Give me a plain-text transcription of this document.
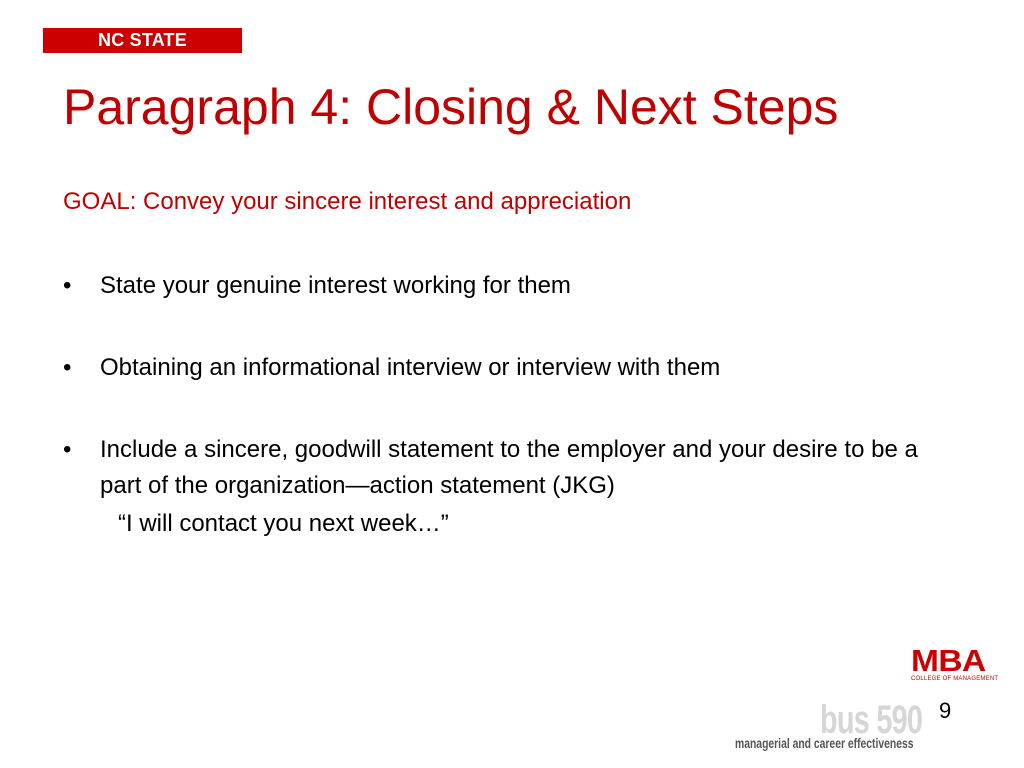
NC STATE UNIVERSITY
Paragraph 4: Closing & Next Steps
GOAL: Convey your sincere interest and appreciation
• State your genuine interest working for them
• Obtaining an informational interview or interview with them
• Include a sincere, goodwill statement to the employer and your desire to be a part of the organization—action statement (JKG)
“I will contact you next week…”
MBA
COLLEGE OF MANAGEMENT
9
bus 590
managerial and career effectiveness
